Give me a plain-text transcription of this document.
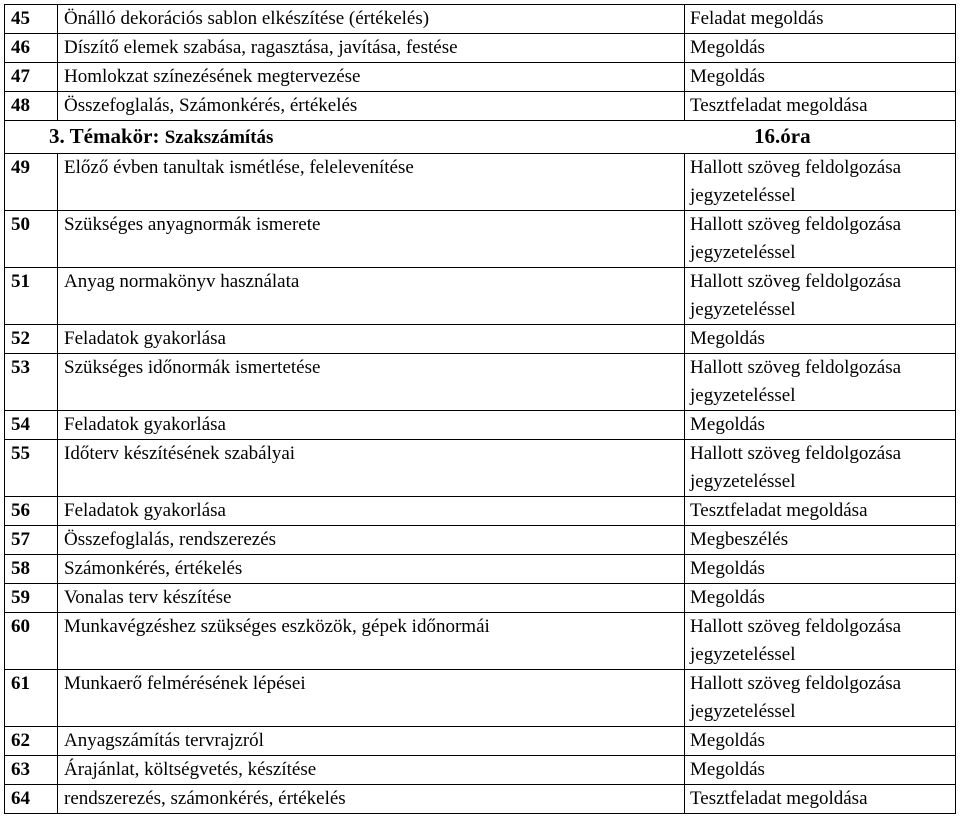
45	Önálló dekorációs sablon elkészítése (értékelés)	Feladat megoldás
46	Díszítő elemek szabása, ragasztása, javítása, festése	Megoldás
47	Homlokzat színezésének megtervezése	Megoldás
48	Összefoglalás, Számonkérés, értékelés	Tesztfeladat megoldása
3. Témakör: Szakszámítás 16.óra		
49	Előző évben tanultak ismétlése, felelevenítése	Hallott szöveg feldolgozása
jegyzeteléssel

50	Szükséges anyagnormák ismerete	Hallott szöveg feldolgozása
jegyzeteléssel

51	Anyag normakönyv használata	Hallott szöveg feldolgozása
jegyzeteléssel

52	Feladatok gyakorlása	Megoldás

53	Szükséges időnormák ismertetése	Hallott szöveg feldolgozása
jegyzeteléssel

54	Feladatok gyakorlása	Megoldás

55	Időterv készítésének szabályai	Hallott szöveg feldolgozása
jegyzeteléssel

56	Feladatok gyakorlása	Tesztfeladat megoldása

57	Összefoglalás, rendszerezés	Megbeszélés

58	Számonkérés, értékelés	Megoldás

59	Vonalas terv készítése	Megoldás

60	Munkavégzéshez szükséges eszközök, gépek időnormái	Hallott szöveg feldolgozása
jegyzeteléssel

61	Munkaerő felmérésének lépései	Hallott szöveg feldolgozása
jegyzeteléssel

62	Anyagszámítás tervrajzról	Megoldás

63	Árajánlat, költségvetés, készítése	Megoldás

64	rendszerezés, számonkérés, értékelés	Tesztfeladat megoldása
